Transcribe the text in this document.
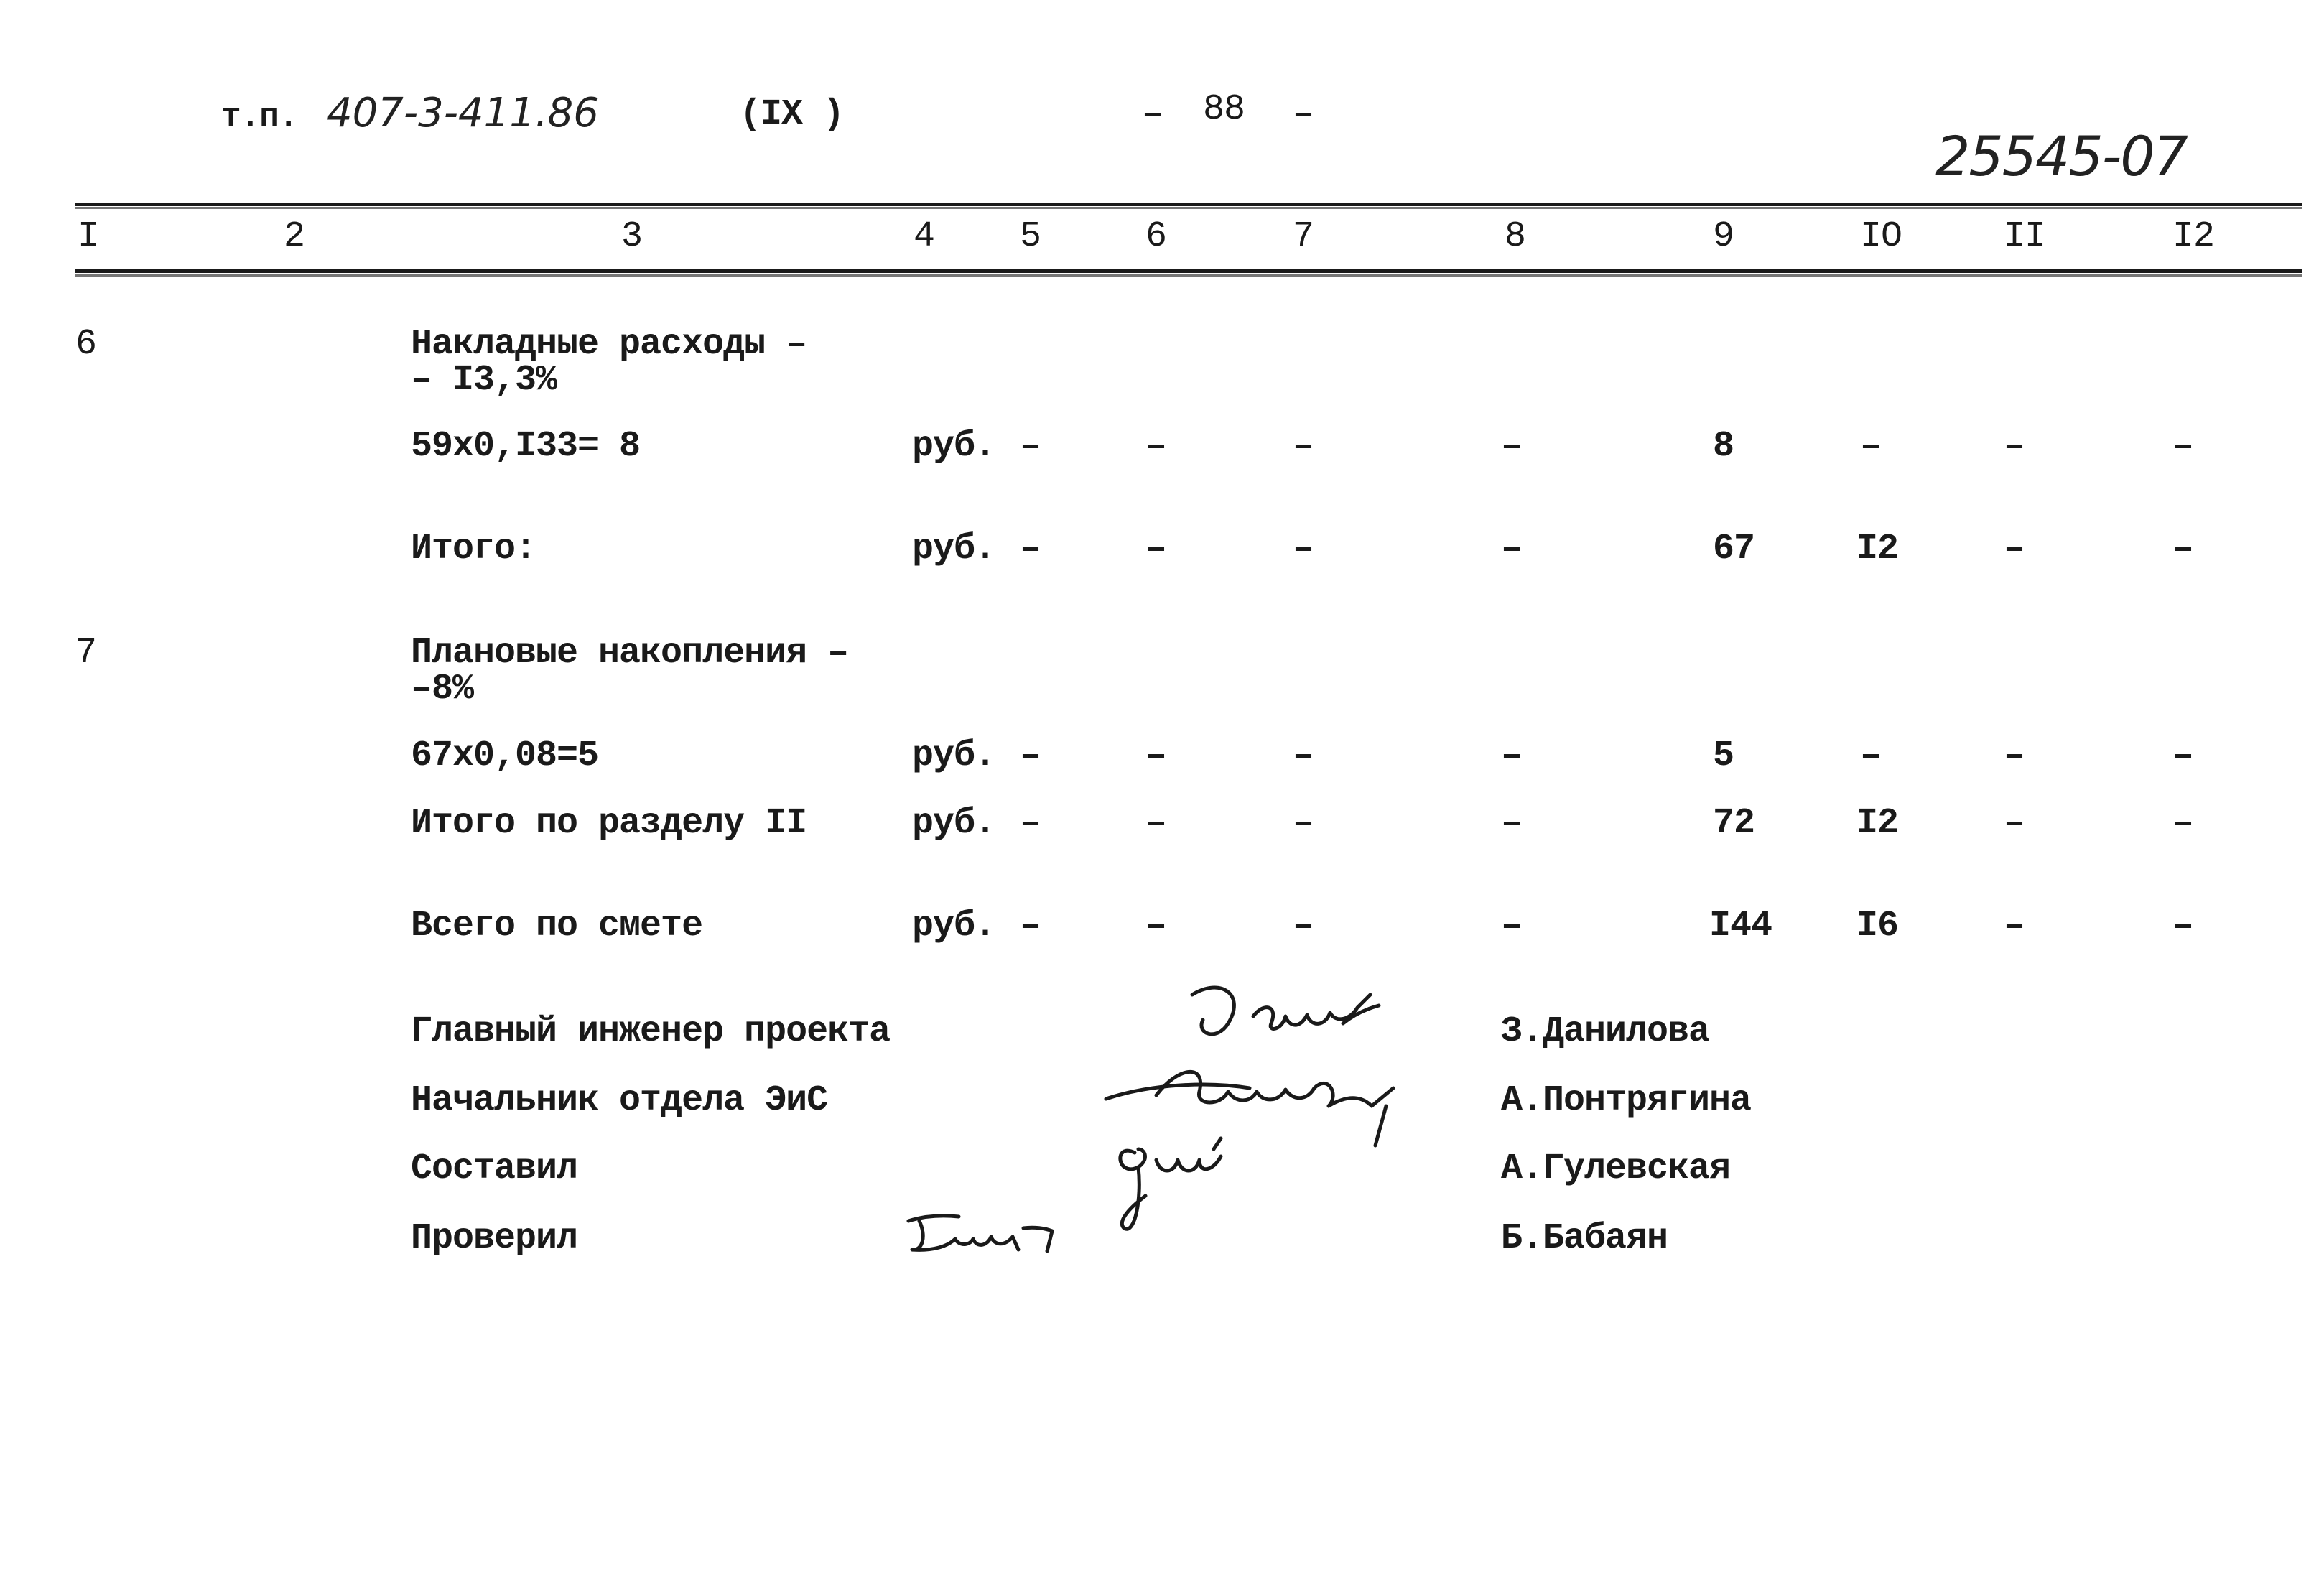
т.п. 407-3-411.86	(IX )	– 88 –
25545-07
I	2	3	4 5	6	7	8	9	IO	II	I2
6	Накладные расходы –
– I3,3%
59x0,I33= 8	руб. –	–	–	–	8	–	–	–
Итого:	руб. –	–	–	–	67	I2	–	–
7	Плановые накопления –
–8%
67x0,08=5	руб. –	–	–	–	5	–	–	–
Итого по разделу II	руб. –	–	–	–	72	I2	–	–
Всего по смете	руб. –	–	–	–	I44 I6	–	–
Главный инженер проекта	З.Данилова
Начальник отдела ЭиС	А.Понтрягина
Составил	А.Гулевская
Проверил	Б.Бабаян
